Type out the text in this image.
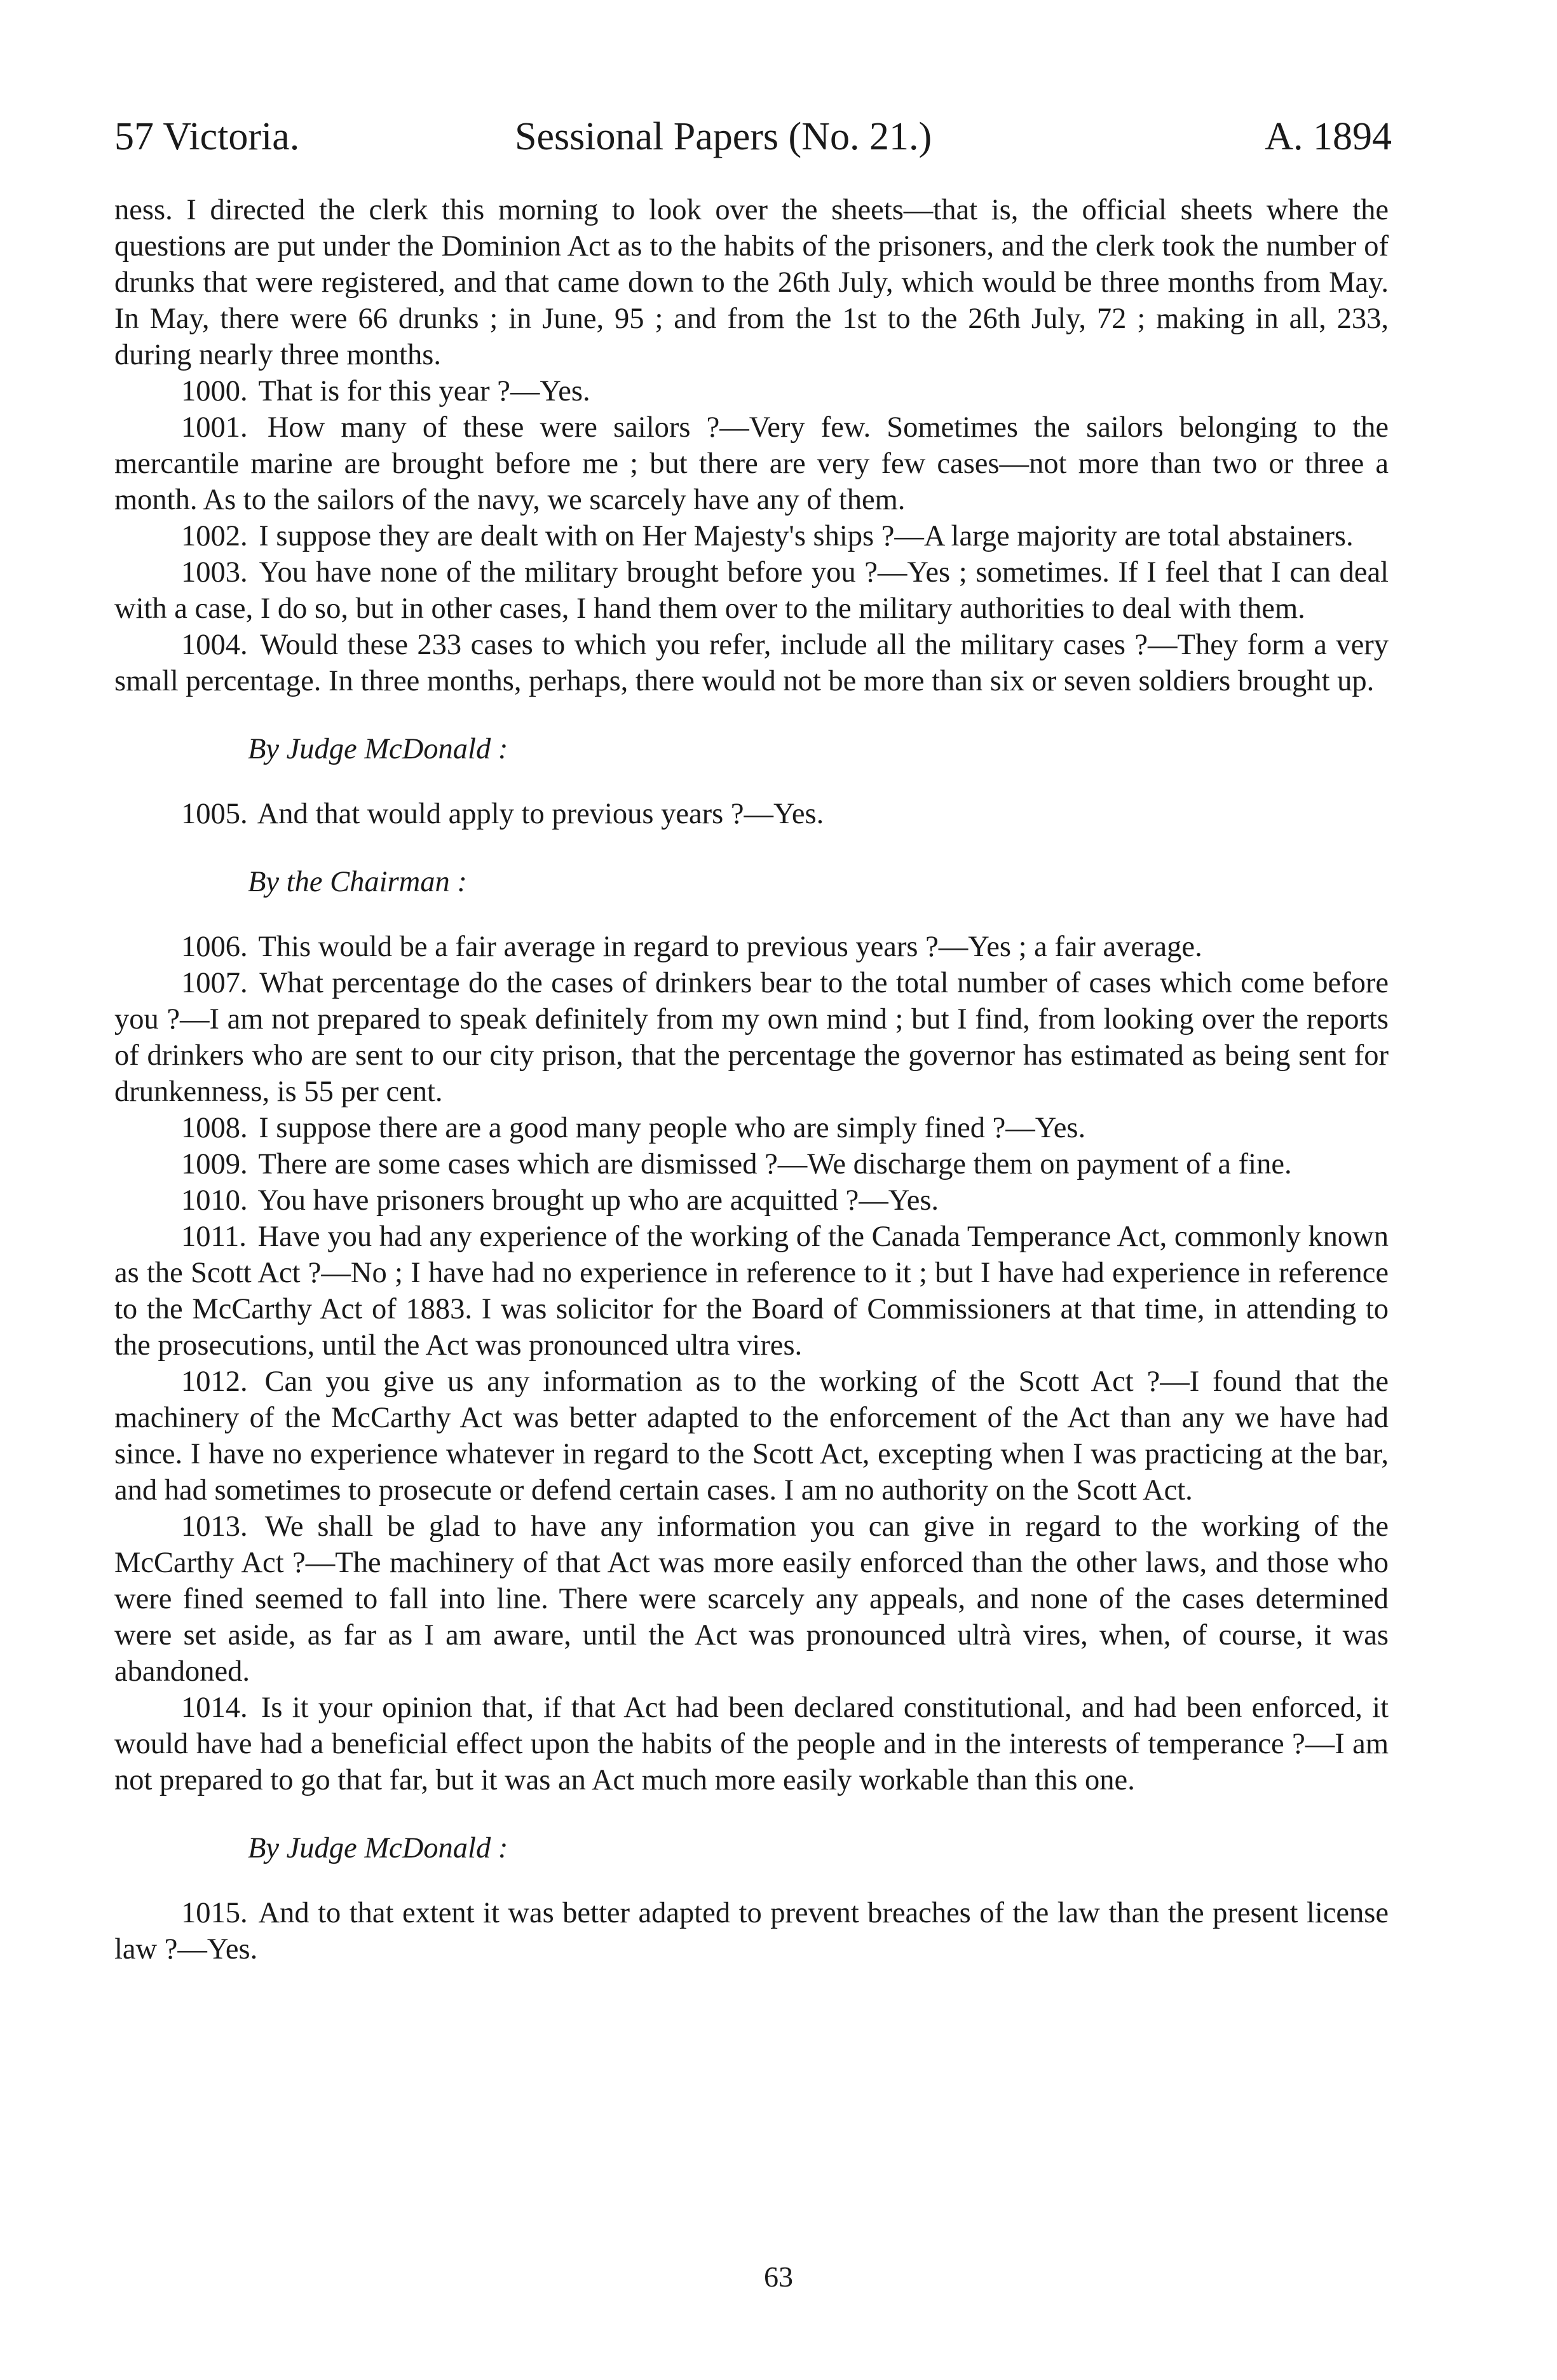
57 Victoria.	Sessional Papers (No. 21.)	A. 1894

ness. I directed the clerk this morning to look over the sheets—that is, the official sheets where the questions are put under the Dominion Act as to the habits of the prisoners, and the clerk took the number of drunks that were registered, and that came down to the 26th July, which would be three months from May. In May, there were 66 drunks ; in June, 95 ; and from the 1st to the 26th July, 72 ; making in all, 233, during nearly three months.

1000. That is for this year ?—Yes.

1001. How many of these were sailors ?—Very few. Sometimes the sailors belonging to the mercantile marine are brought before me ; but there are very few cases—not more than two or three a month. As to the sailors of the navy, we scarcely have any of them.

1002. I suppose they are dealt with on Her Majesty's ships ?—A large majority are total abstainers.

1003. You have none of the military brought before you ?—Yes ; sometimes. If I feel that I can deal with a case, I do so, but in other cases, I hand them over to the military authorities to deal with them.

1004. Would these 233 cases to which you refer, include all the military cases ?—They form a very small percentage. In three months, perhaps, there would not be more than six or seven soldiers brought up.

By Judge McDonald :

1005. And that would apply to previous years ?—Yes.

By the Chairman :

1006. This would be a fair average in regard to previous years ?—Yes ; a fair average.

1007. What percentage do the cases of drinkers bear to the total number of cases which come before you ?—I am not prepared to speak definitely from my own mind ; but I find, from looking over the reports of drinkers who are sent to our city prison, that the percentage the governor has estimated as being sent for drunkenness, is 55 per cent.

1008. I suppose there are a good many people who are simply fined ?—Yes.

1009. There are some cases which are dismissed ?—We discharge them on payment of a fine.

1010. You have prisoners brought up who are acquitted ?—Yes.

1011. Have you had any experience of the working of the Canada Temperance Act, commonly known as the Scott Act ?—No ; I have had no experience in reference to it ; but I have had experience in reference to the McCarthy Act of 1883. I was solicitor for the Board of Commissioners at that time, in attending to the prosecutions, until the Act was pronounced ultra vires.

1012. Can you give us any information as to the working of the Scott Act ?—I found that the machinery of the McCarthy Act was better adapted to the enforcement of the Act than any we have had since. I have no experience whatever in regard to the Scott Act, excepting when I was practicing at the bar, and had sometimes to prosecute or defend certain cases. I am no authority on the Scott Act.

1013. We shall be glad to have any information you can give in regard to the working of the McCarthy Act ?—The machinery of that Act was more easily enforced than the other laws, and those who were fined seemed to fall into line. There were scarcely any appeals, and none of the cases determined were set aside, as far as I am aware, until the Act was pronounced ultrà vires, when, of course, it was abandoned.

1014. Is it your opinion that, if that Act had been declared constitutional, and had been enforced, it would have had a beneficial effect upon the habits of the people and in the interests of temperance ?—I am not prepared to go that far, but it was an Act much more easily workable than this one.

By Judge McDonald :

1015. And to that extent it was better adapted to prevent breaches of the law than the present license law ?—Yes.

63
